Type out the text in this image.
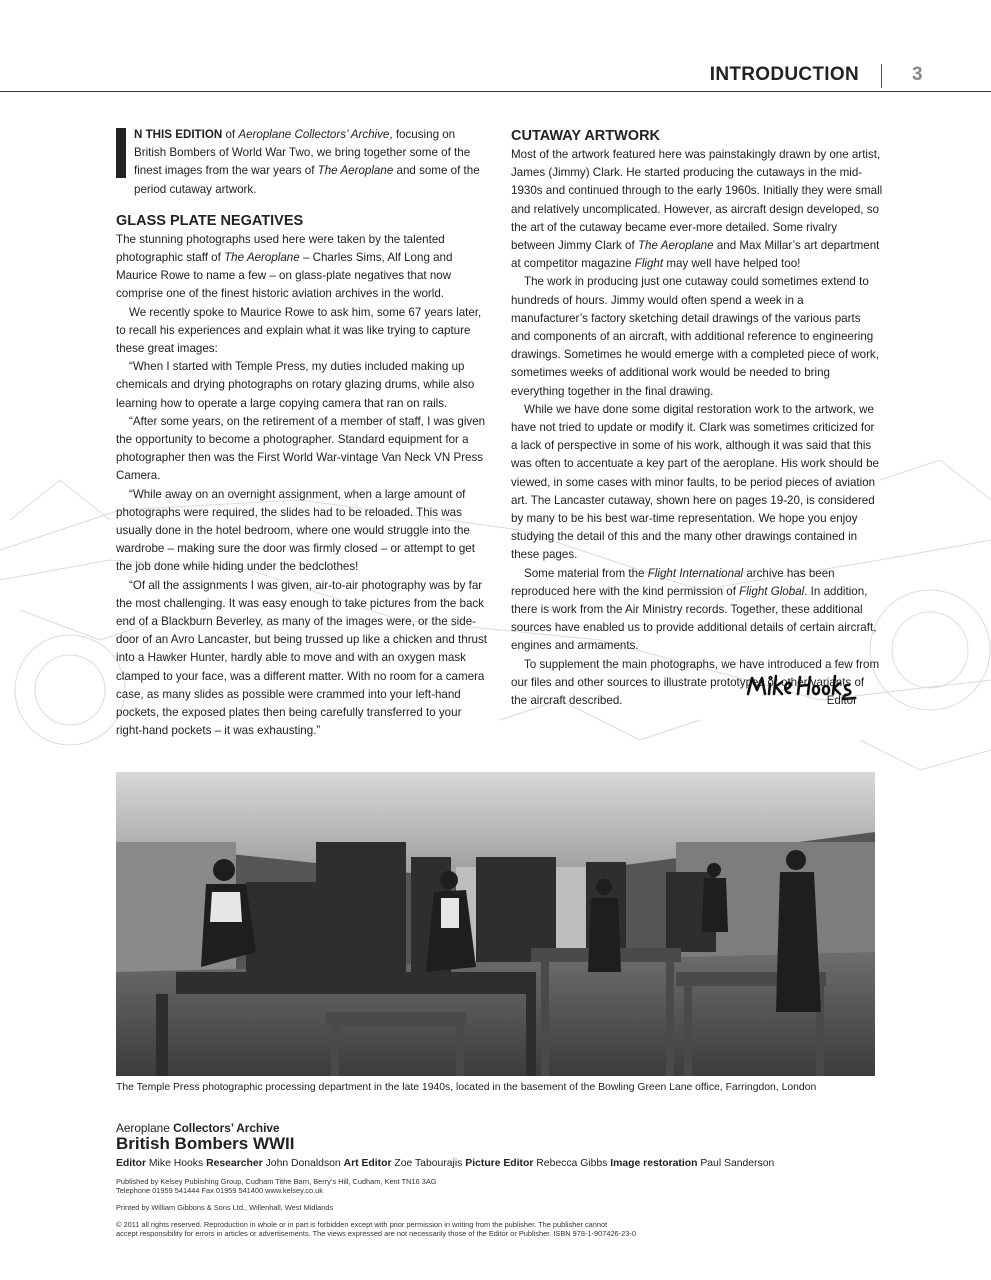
INTRODUCTION	3
N THIS EDITION of Aeroplane Collectors’ Archive, focusing on British Bombers of World War Two, we bring together some of the finest images from the war years of The Aeroplane and some of the period cutaway artwork.
GLASS PLATE NEGATIVES

The stunning photographs used here were taken by the talented photographic staff of The Aeroplane – Charles Sims, Alf Long and Maurice Rowe to name a few – on glass-plate negatives that now comprise one of the finest historic aviation archives in the world.

We recently spoke to Maurice Rowe to ask him, some 67 years later, to recall his experiences and explain what it was like trying to capture these great images:

“When I started with Temple Press, my duties included making up chemicals and drying photographs on rotary glazing drums, while also learning how to operate a large copying camera that ran on rails.

“After some years, on the retirement of a member of staff, I was given the opportunity to become a photographer. Standard equipment for a photographer then was the First World War-vintage Van Neck VN Press Camera.

“While away on an overnight assignment, when a large amount of photographs were required, the slides had to be reloaded. This was usually done in the hotel bedroom, where one would struggle into the wardrobe – making sure the door was firmly closed – or attempt to get the job done while hiding under the bedclothes!

“Of all the assignments I was given, air-to-air photography was by far the most challenging. It was easy enough to take pictures from the back end of a Blackburn Beverley, as many of the images were, or the side-door of an Avro Lancaster, but being trussed up like a chicken and thrust into a Hawker Hunter, hardly able to move and with an oxygen mask clamped to your face, was a different matter. With no room for a camera case, as many slides as possible were crammed into your left-hand pockets, the exposed plates then being carefully transferred to your right-hand pockets – it was exhausting.”

CUTAWAY ARTWORK

Most of the artwork featured here was painstakingly drawn by one artist, James (Jimmy) Clark. He started producing the cutaways in the mid-1930s and continued through to the early 1960s. Initially they were small and relatively uncomplicated. However, as aircraft design developed, so the art of the cutaway became ever-more detailed. Some rivalry between Jimmy Clark of The Aeroplane and Max Millar’s art department at competitor magazine Flight may well have helped too!

The work in producing just one cutaway could sometimes extend to hundreds of hours. Jimmy would often spend a week in a manufacturer’s factory sketching detail drawings of the various parts and components of an aircraft, with additional reference to engineering drawings. Sometimes he would emerge with a completed piece of work, sometimes weeks of additional work would be needed to bring everything together in the final drawing.

While we have done some digital restoration work to the artwork, we have not tried to update or modify it. Clark was sometimes criticized for a lack of perspective in some of his work, although it was said that this was often to accentuate a key part of the aeroplane. His work should be viewed, in some cases with minor faults, to be period pieces of aviation art. The Lancaster cutaway, shown here on pages 19-20, is considered by many to be his best war-time representation. We hope you enjoy studying the detail of this and the many other drawings contained in these pages.

Some material from the Flight International archive has been reproduced here with the kind permission of Flight Global. In addition, there is work from the Air Ministry records. Together, these additional sources have enabled us to provide additional details of certain aircraft, engines and armaments.

To supplement the main photographs, we have introduced a few from our files and other sources to illustrate prototypes or other variants of the aircraft described.	Editor
The Temple Press photographic processing department in the late 1940s, located in the basement of the Bowling Green Lane office, Farringdon, London
Aeroplane Collectors’ Archive
British Bombers WWII
Editor Mike Hooks Researcher John Donaldson Art Editor Zoe Tabourajis Picture Editor Rebecca Gibbs Image restoration Paul Sanderson
Published by Kelsey Publishing Group, Cudham Tithe Barn, Berry’s Hill, Cudham, Kent TN16 3AG
Telephone 01959 541444 Fax 01959 541400 www.kelsey.co.uk
Printed by William Gibbons & Sons Ltd., Willenhall, West Midlands
© 2011 all rights reserved. Reproduction in whole or in part is forbidden except with prior permission in writing from the publisher. The publisher cannot
accept responsibility for errors in articles or advertisements. The views expressed are not necessarily those of the Editor or Publisher. ISBN 978-1-907426-23-0
